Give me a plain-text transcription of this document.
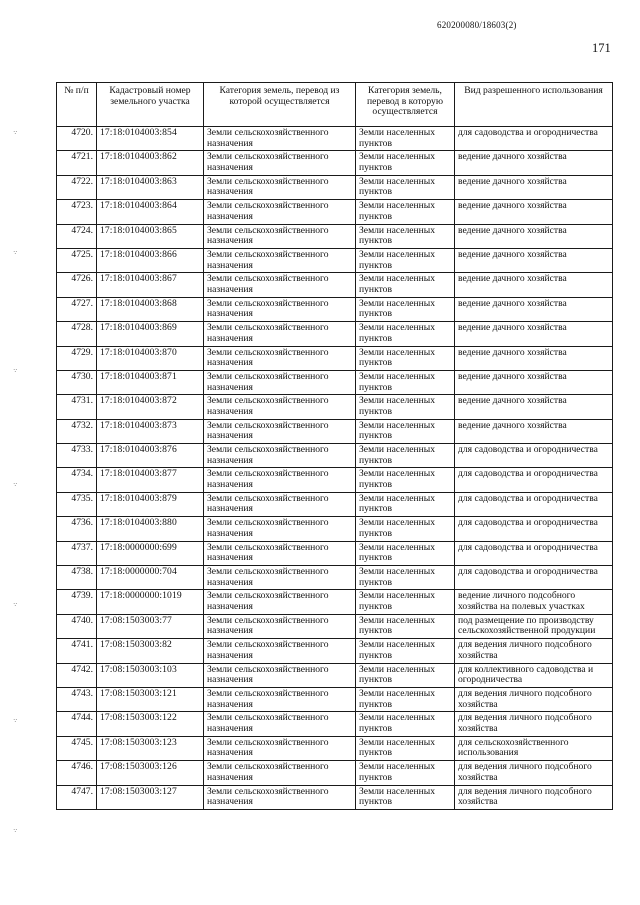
620200080/18603(2)
171
·.·
·.·
·.·
·.·
·.·
·.·
·.·
№ п/п	Кадастровый номер земельного участка	Категория земель, перевод из которой осуществляется	Категория земель, перевод в которую осуществляется	Вид разрешенного использования
4720.	17:18:0104003:854	Земли сельскохозяйственного назначения	Земли населенных пунктов	для садоводства и огородничества
4721.	17:18:0104003:862	Земли сельскохозяйственного назначения	Земли населенных пунктов	ведение дачного хозяйства
4722.	17:18:0104003:863	Земли сельскохозяйственного назначения	Земли населенных пунктов	ведение дачного хозяйства
4723.	17:18:0104003:864	Земли сельскохозяйственного назначения	Земли населенных пунктов	ведение дачного хозяйства
4724.	17:18:0104003:865	Земли сельскохозяйственного назначения	Земли населенных пунктов	ведение дачного хозяйства
4725.	17:18:0104003:866	Земли сельскохозяйственного назначения	Земли населенных пунктов	ведение дачного хозяйства
4726.	17:18:0104003:867	Земли сельскохозяйственного назначения	Земли населенных пунктов	ведение дачного хозяйства
4727.	17:18:0104003:868	Земли сельскохозяйственного назначения	Земли населенных пунктов	ведение дачного хозяйства
4728.	17:18:0104003:869	Земли сельскохозяйственного назначения	Земли населенных пунктов	ведение дачного хозяйства
4729.	17:18:0104003:870	Земли сельскохозяйственного назначения	Земли населенных пунктов	ведение дачного хозяйства
4730.	17:18:0104003:871	Земли сельскохозяйственного назначения	Земли населенных пунктов	ведение дачного хозяйства
4731.	17:18:0104003:872	Земли сельскохозяйственного назначения	Земли населенных пунктов	ведение дачного хозяйства
4732.	17:18:0104003:873	Земли сельскохозяйственного назначения	Земли населенных пунктов	ведение дачного хозяйства
4733.	17:18:0104003:876	Земли сельскохозяйственного назначения	Земли населенных пунктов	для садоводства и огородничества
4734.	17:18:0104003:877	Земли сельскохозяйственного назначения	Земли населенных пунктов	для садоводства и огородничества
4735.	17:18:0104003:879	Земли сельскохозяйственного назначения	Земли населенных пунктов	для садоводства и огородничества
4736.	17:18:0104003:880	Земли сельскохозяйственного назначения	Земли населенных пунктов	для садоводства и огородничества
4737.	17:18:0000000:699	Земли сельскохозяйственного назначения	Земли населенных пунктов	для садоводства и огородничества
4738.	17:18:0000000:704	Земли сельскохозяйственного назначения	Земли населенных пунктов	для садоводства и огородничества
4739.	17:18:0000000:1019	Земли сельскохозяйственного назначения	Земли населенных пунктов	ведение личного подсобного хозяйства на полевых участках
4740.	17:08:1503003:77	Земли сельскохозяйственного назначения	Земли населенных пунктов	под размещение по производству сельскохозяйственной продукции
4741.	17:08:1503003:82	Земли сельскохозяйственного назначения	Земли населенных пунктов	для ведения личного подсобного хозяйства
4742.	17:08:1503003:103	Земли сельскохозяйственного назначения	Земли населенных пунктов	для коллективного садоводства и огородничества
4743.	17:08:1503003:121	Земли сельскохозяйственного назначения	Земли населенных пунктов	для ведения личного подсобного хозяйства
4744.	17:08:1503003:122	Земли сельскохозяйственного назначения	Земли населенных пунктов	для ведения личного подсобного хозяйства
4745.	17:08:1503003:123	Земли сельскохозяйственного назначения	Земли населенных пунктов	для сельскохозяйственного использования
4746.	17:08:1503003:126	Земли сельскохозяйственного назначения	Земли населенных пунктов	для ведения личного подсобного хозяйства
4747.	17:08:1503003:127	Земли сельскохозяйственного назначения	Земли населенных пунктов	для ведения личного подсобного хозяйства
